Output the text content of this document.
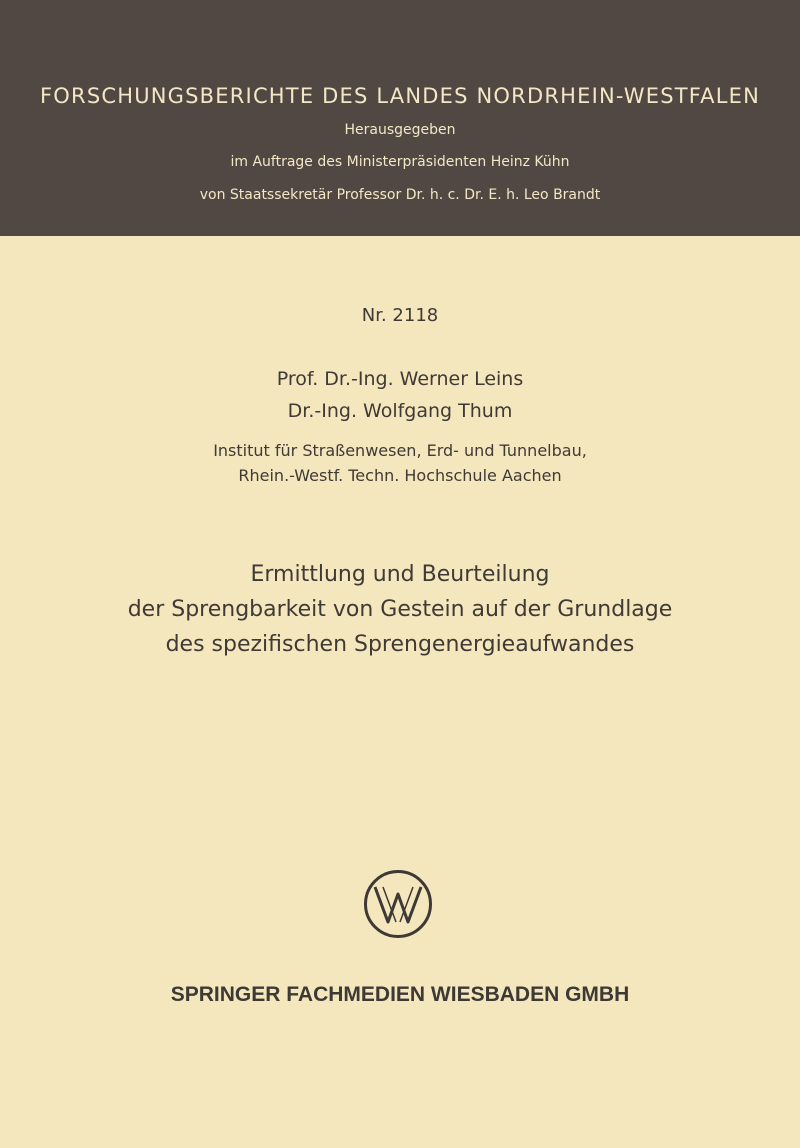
FORSCHUNGSBERICHTE DES LANDES NORDRHEIN-WESTFALEN
Herausgegeben
im Auftrage des Ministerpräsidenten Heinz Kühn
von Staatssekretär Professor Dr. h. c. Dr. E. h. Leo Brandt
Nr. 2118
Prof. Dr.-Ing. Werner Leins
Dr.-Ing. Wolfgang Thum
Institut für Straßenwesen, Erd- und Tunnelbau,
Rhein.-Westf. Techn. Hochschule Aachen
Ermittlung und Beurteilung
der Sprengbarkeit von Gestein auf der Grundlage
des spezifischen Sprengenergieaufwandes
SPRINGER FACHMEDIEN WIESBADEN GMBH
